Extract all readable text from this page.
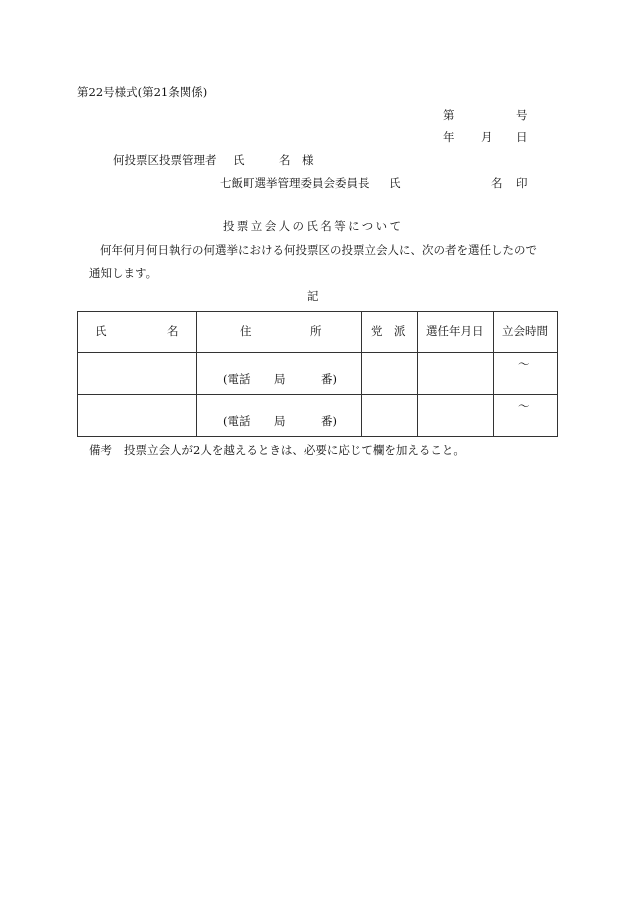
第22号様式(第21条関係)
第	号
年 月 日
何投票区投票管理者 氏	名 様
七飯町選挙管理委員会委員長 氏	名 印
投票立会人の氏名等について
何年何月何日執行の何選挙における何投票区の投票立会人に、次の者を選任したので
通知します。
記
氏 名	住 所	党　派	選任年月日	立会時間

	(電話 局 番)			～

	(電話 局 番)			～
備考 投票立会人が2人を越えるときは、必要に応じて欄を加えること。
